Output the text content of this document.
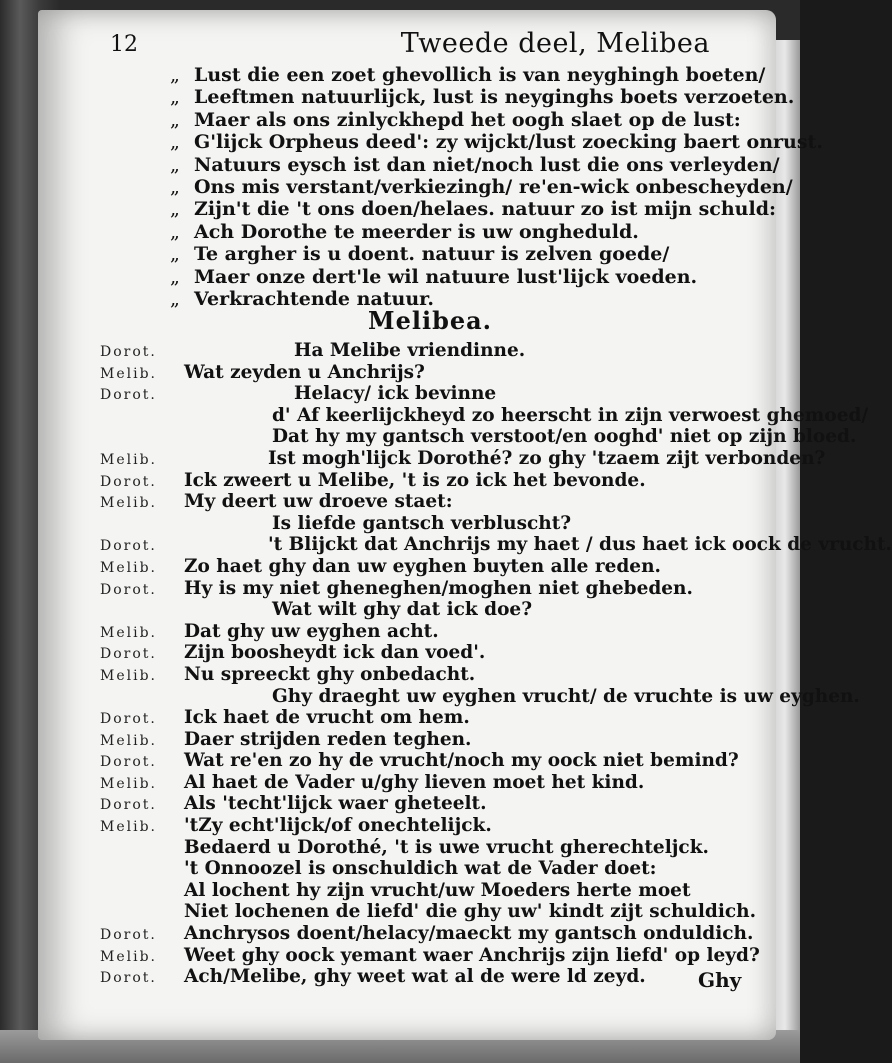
12	Tweede deel, Melibea
„ Lust die een zoet ghevollich is van neyghingh boeten/
„ Leeftmen natuurlijck, lust is neyginghs boets verzoeten.
„ Maer als ons zinlyckhepd het oogh slaet op de lust:
„ G'lijck Orpheus deed': zy wijckt/lust zoecking baert onrust.
„ Natuurs eysch ist dan niet/noch lust die ons verleyden/
„ Ons mis verstant/verkiezingh/ re'en-wick onbescheyden/
„ Zijn't die 't ons doen/helaes. natuur zo ist mijn schuld:
„ Ach Dorothe te meerder is uw ongheduld.
„ Te argher is u doent. natuur is zelven goede/
„ Maer onze dert'le wil natuure lust'lijck voeden.
„ Verkrachtende natuur.
Melibea.
Dorot.	Ha Melibe vriendinne.
Melib. Wat zeyden u Anchrijs?
Dorot.	Helacy/ ick bevinne
d' Af keerlijckheyd zo heerscht in zijn verwoest ghemoed/
Dat hy my gantsch verstoot/en ooghd' niet op zijn bloed.
Melib.	Ist mogh'lijck Dorothé? zo ghy 'tzaem zijt verbonden?
Dorot. Ick zweert u Melibe, 't is zo ick het bevonde.
Melib. My deert uw droeve staet:
Is liefde gantsch verbluscht?
Dorot.	't Blijckt dat Anchrijs my haet / dus haet ick oock de vrucht.
Melib. Zo haet ghy dan uw eyghen buyten alle reden.
Dorot. Hy is my niet gheneghen/moghen niet ghebeden.
Wat wilt ghy dat ick doe?
Melib. Dat ghy uw eyghen acht.
Dorot. Zijn boosheydt ick dan voed'.
Melib. Nu spreeckt ghy onbedacht.
Ghy draeght uw eyghen vrucht/ de vruchte is uw eyghen.
Dorot. Ick haet de vrucht om hem.
Melib. Daer strijden reden teghen.
Dorot. Wat re'en zo hy de vrucht/noch my oock niet bemind?
Melib. Al haet de Vader u/ghy lieven moet het kind.
Dorot. Als 'techt'lijck waer gheteelt.
Melib. 'tZy echt'lijck/of onechtelijck.
Bedaerd u Dorothé, 't is uwe vrucht gherechteljck.
't Onnoozel is onschuldich wat de Vader doet:
Al lochent hy zijn vrucht/uw Moeders herte moet
Niet lochenen de liefd' die ghy uw' kindt zijt schuldich.
Dorot. Anchrysos doent/helacy/maeckt my gantsch onduldich.
Melib. Weet ghy oock yemant waer Anchrijs zijn liefd' op leyd?
Dorot. Ach/Melibe, ghy weet wat al de were ld zeyd.	Ghy
